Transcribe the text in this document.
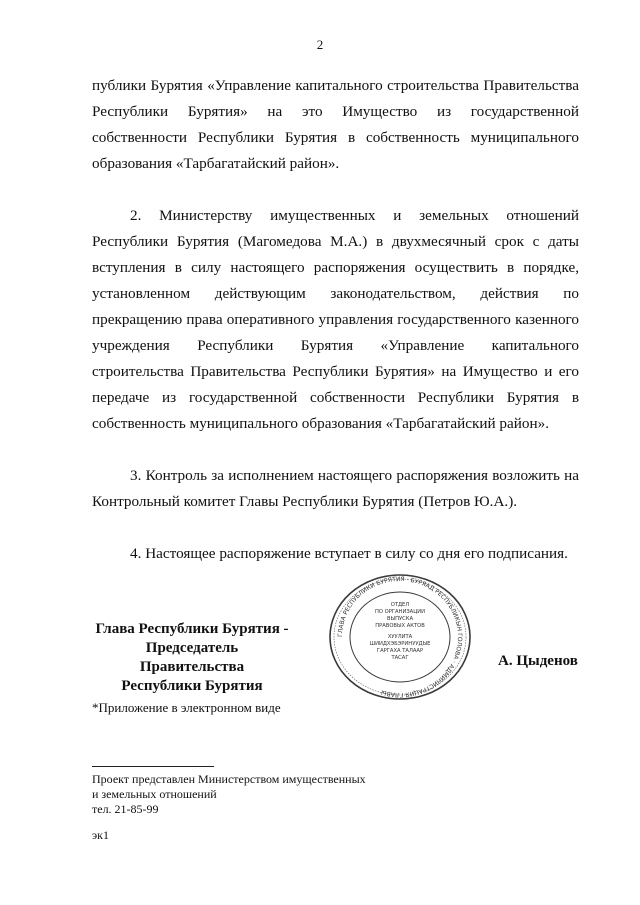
2

публики Бурятия «Управление капитального строительства Правительства Республики Бурятия» на это Имущество из государственной собственности Республики Бурятия в собственность муниципального образования «Тарбагатайский район».

2. Министерству имущественных и земельных отношений Республики Бурятия (Магомедова М.А.) в двухмесячный срок с даты вступления в силу настоящего распоряжения осуществить в порядке, установленном действующим законодательством, действия по прекращению права оперативного управления государственного казенного учреждения Республики Бурятия «Управление капитального строительства Правительства Республики Бурятия» на Имущество и его передаче из государственной собственности Республики Бурятия в собственность муниципального образования «Тарбагатайский район».

3. Контроль за исполнением настоящего распоряжения возложить на Контрольный комитет Главы Республики Бурятия (Петров Ю.А.).

4. Настоящее распоряжение вступает в силу со дня его подписания.

Глава Республики Бурятия -
Председатель Правительства
Республики Бурятия
ГЛАВА РЕСПУБЛИКИ БУРЯТИЯ · БУРЯАД РЕСПУБЛИКЫН ГОЛОВА · АДМИНИСТРАЦИЯ ГЛАВЫ
ОТДЕЛ
ПО ОРГАНИЗАЦИИ
ВЫПУСКА
ПРАВОВЫХ АКТОВ
ХУУЛИТА
ШИИДХЭБЭРИНУУДЫЕ
ГАРГАХА ТАЛААР
ТАСАГ	А. Цыденов

*Приложение в электронном виде

Проект представлен Министерством имущественных
и земельных отношений
тел. 21-85-99
эк1
